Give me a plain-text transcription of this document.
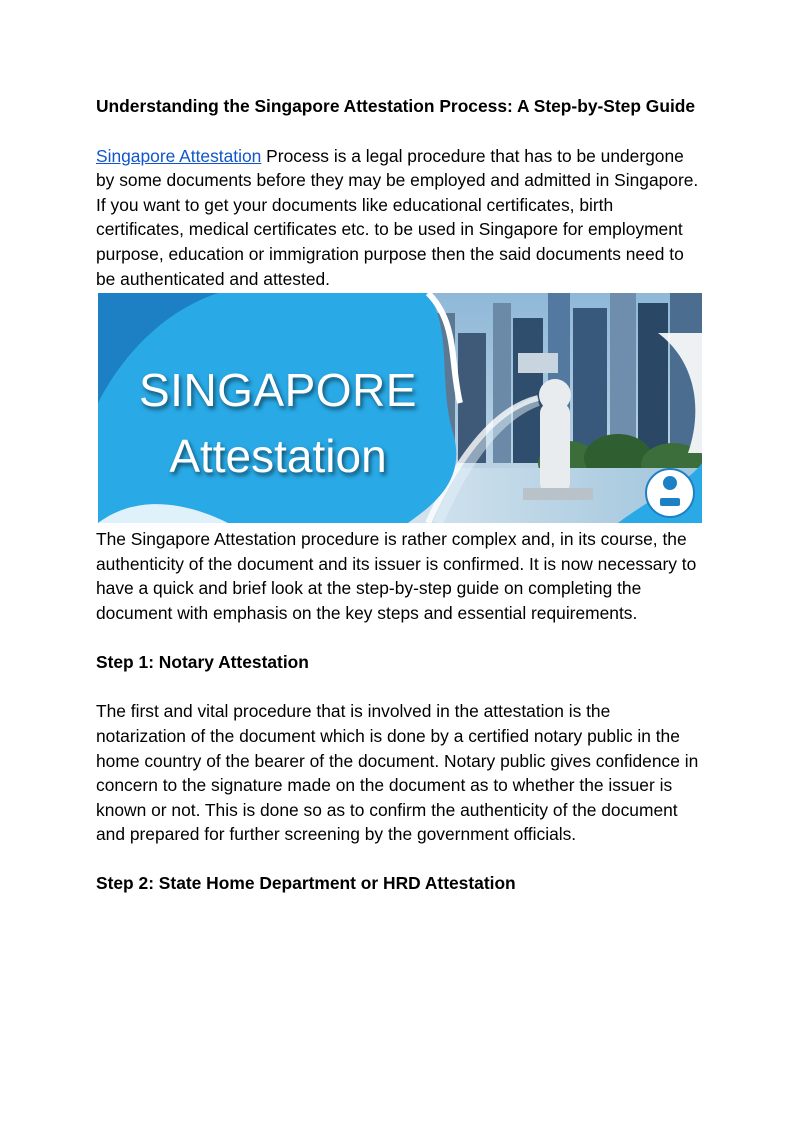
Understanding the Singapore Attestation Process: A Step-by-Step Guide

Singapore Attestation Process is a legal procedure that has to be undergone by some documents before they may be employed and admitted in Singapore. If you want to get your documents like educational certificates, birth certificates, medical certificates etc. to be used in Singapore for employment purpose, education or immigration purpose then the said documents need to be authenticated and attested.

SINGAPORE
Attestation

The Singapore Attestation procedure is rather complex and, in its course, the authenticity of the document and its issuer is confirmed. It is now necessary to have a quick and brief look at the step-by-step guide on completing the document with emphasis on the key steps and essential requirements.

Step 1: Notary Attestation

The first and vital procedure that is involved in the attestation is the notarization of the document which is done by a certified notary public in the home country of the bearer of the document. Notary public gives confidence in concern to the signature made on the document as to whether the issuer is known or not. This is done so as to confirm the authenticity of the document and prepared for further screening by the government officials.

Step 2: State Home Department or HRD Attestation
